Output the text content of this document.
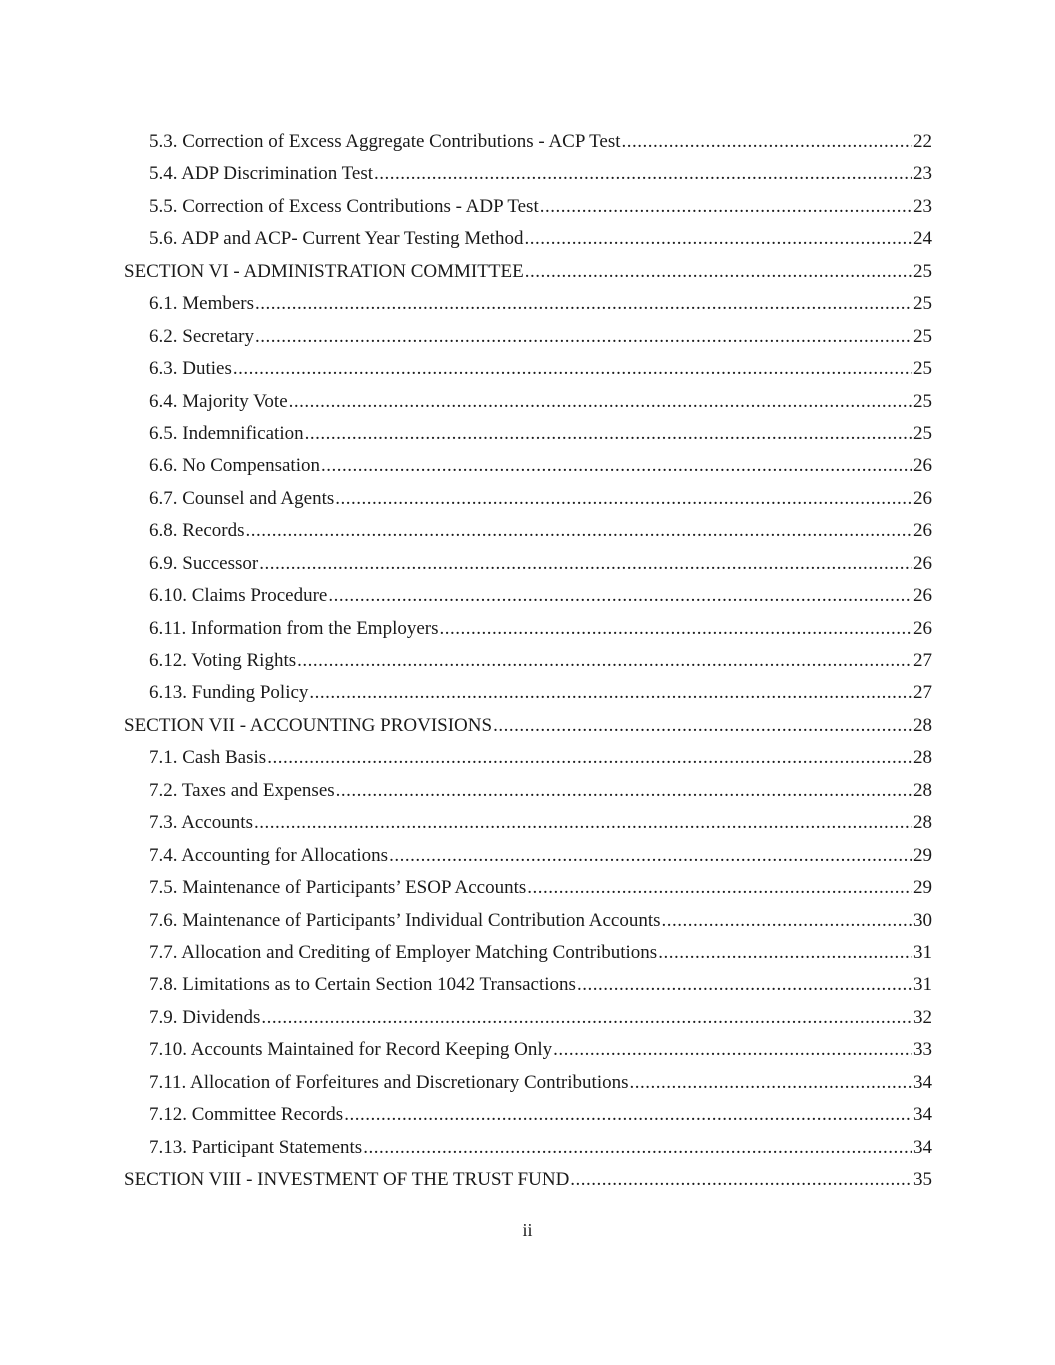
5.3. Correction of Excess Aggregate Contributions - ACP Test .....	22
5.4. ADP Discrimination Test .....	23
5.5. Correction of Excess Contributions - ADP Test .....	23
5.6. ADP and ACP- Current Year Testing Method .....	24
SECTION VI - ADMINISTRATION COMMITTEE .....	25
6.1. Members .....	25
6.2. Secretary .....	25
6.3. Duties .....	25
6.4. Majority Vote .....	25
6.5. Indemnification .....	25
6.6. No Compensation .....	26
6.7. Counsel and Agents .....	26
6.8. Records .....	26
6.9. Successor .....	26
6.10. Claims Procedure .....	26
6.11. Information from the Employers .....	26
6.12. Voting Rights .....	27
6.13. Funding Policy .....	27
SECTION VII - ACCOUNTING PROVISIONS .....	28
7.1. Cash Basis .....	28
7.2. Taxes and Expenses .....	28
7.3. Accounts .....	28
7.4. Accounting for Allocations .....	29
7.5. Maintenance of Participants’ ESOP Accounts .....	29
7.6. Maintenance of Participants’ Individual Contribution Accounts .....	30
7.7. Allocation and Crediting of Employer Matching Contributions .....	31
7.8. Limitations as to Certain Section 1042 Transactions .....	31
7.9. Dividends .....	32
7.10. Accounts Maintained for Record Keeping Only .....	33
7.11. Allocation of Forfeitures and Discretionary Contributions .....	34
7.12. Committee Records .....	34
7.13. Participant Statements .....	34
SECTION VIII - INVESTMENT OF THE TRUST FUND .....	35
ii
